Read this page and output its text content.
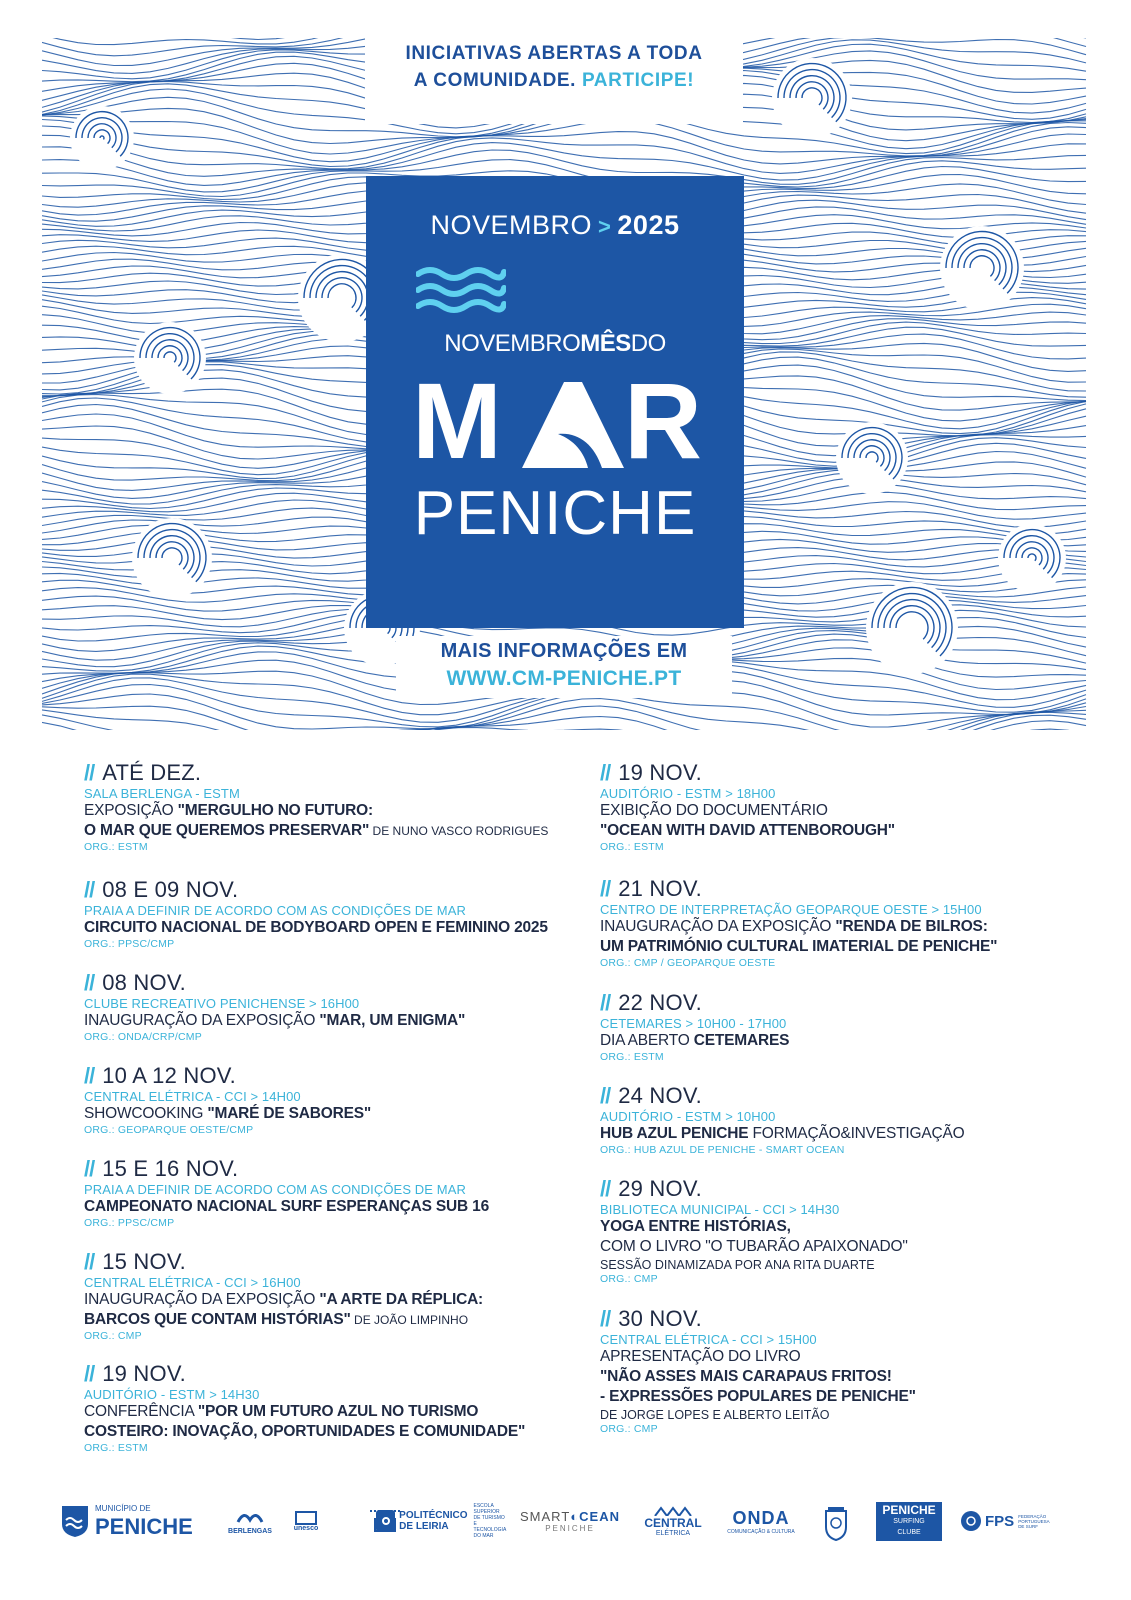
INICIATIVAS ABERTAS A TODA
A COMUNIDADE. PARTICIPE!
NOVEMBRO > 2025
NOVEMBROMÊSDO
M R
PENICHE
MAIS INFORMAÇÕES EM
WWW.CM-PENICHE.PT
// ATÉ DEZ.
SALA BERLENGA - ESTM
EXPOSIÇÃO "MERGULHO NO FUTURO:
O MAR QUE QUEREMOS PRESERVAR" DE NUNO VASCO RODRIGUES
ORG.: ESTM
// 08 E 09 NOV.
PRAIA A DEFINIR DE ACORDO COM AS CONDIÇÕES DE MAR
CIRCUITO NACIONAL DE BODYBOARD OPEN E FEMININO 2025
ORG.: PPSC/CMP
// 08 NOV.
CLUBE RECREATIVO PENICHENSE > 16H00
INAUGURAÇÃO DA EXPOSIÇÃO "MAR, UM ENIGMA"
ORG.: ONDA/CRP/CMP
// 10 A 12 NOV.
CENTRAL ELÉTRICA - CCI > 14H00
SHOWCOOKING "MARÉ DE SABORES"
ORG.: GEOPARQUE OESTE/CMP
// 15 E 16 NOV.
PRAIA A DEFINIR DE ACORDO COM AS CONDIÇÕES DE MAR
CAMPEONATO NACIONAL SURF ESPERANÇAS SUB 16
ORG.: PPSC/CMP
// 15 NOV.
CENTRAL ELÉTRICA - CCI > 16H00
INAUGURAÇÃO DA EXPOSIÇÃO "A ARTE DA RÉPLICA:
BARCOS QUE CONTAM HISTÓRIAS" DE JOÃO LIMPINHO
ORG.: CMP
// 19 NOV.
AUDITÓRIO - ESTM > 14H30
CONFERÊNCIA "POR UM FUTURO AZUL NO TURISMO
COSTEIRO: INOVAÇÃO, OPORTUNIDADES E COMUNIDADE"
ORG.: ESTM
// 19 NOV.
AUDITÓRIO - ESTM > 18H00
EXIBIÇÃO DO DOCUMENTÁRIO
"OCEAN WITH DAVID ATTENBOROUGH"
ORG.: ESTM
// 21 NOV.
CENTRO DE INTERPRETAÇÃO GEOPARQUE OESTE > 15H00
INAUGURAÇÃO DA EXPOSIÇÃO "RENDA DE BILROS:
UM PATRIMÓNIO CULTURAL IMATERIAL DE PENICHE"
ORG.: CMP / GEOPARQUE OESTE
// 22 NOV.
CETEMARES > 10H00 - 17H00
DIA ABERTO CETEMARES
ORG.: ESTM
// 24 NOV.
AUDITÓRIO - ESTM > 10H00
HUB AZUL PENICHE FORMAÇÃO&INVESTIGAÇÃO
ORG.: HUB AZUL DE PENICHE - SMART OCEAN
// 29 NOV.
BIBLIOTECA MUNICIPAL - CCI > 14H30
YOGA ENTRE HISTÓRIAS,
COM O LIVRO "O TUBARÃO APAIXONADO"
SESSÃO DINAMIZADA POR ANA RITA DUARTE
ORG.: CMP
// 30 NOV.
CENTRAL ELÉTRICA - CCI > 15H00
APRESENTAÇÃO DO LIVRO
"NÃO ASSES MAIS CARAPAUS FRITOS!
- EXPRESSÕES POPULARES DE PENICHE"
DE JORGE LOPES E ALBERTO LEITÃO
ORG.: CMP
MUNICÍPIO DE
PENICHE	BERLENGAS	unesco
POLITÉCNICO
DE LEIRIA
ESCOLA SUPERIOR DE TURISMO E TECNOLOGIA DO MAR
SMART◐CEAN
PENICHE	CENTRAL
ELÉTRICA
ONDA
COMUNICAÇÃO & CULTURA
PENICHE
SURFING CLUBE
FPS FEDERAÇÃO PORTUGUESA DE SURF
